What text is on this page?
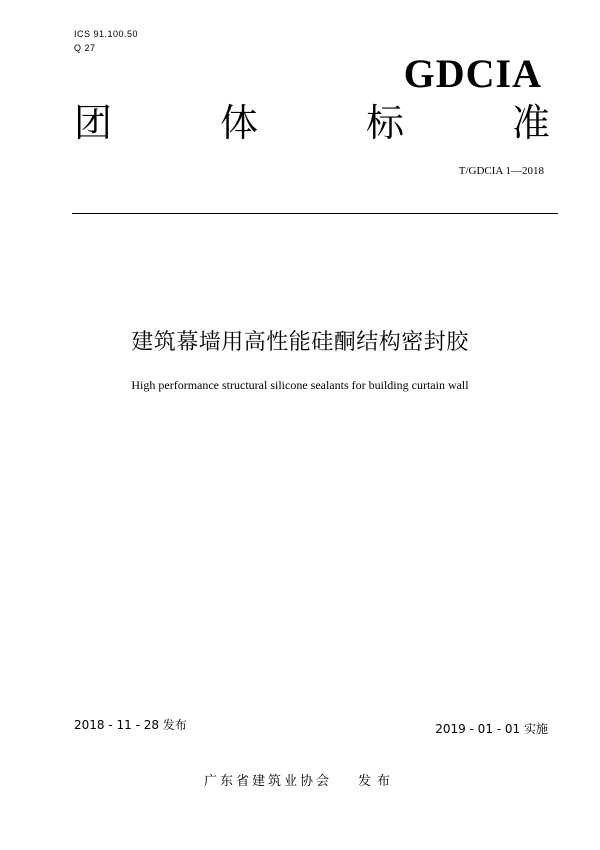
ICS 91.100.50
Q 27
GDCIA
团	体	标	准
T/GDCIA 1—2018
建筑幕墙用高性能硅酮结构密封胶
High performance structural silicone sealants for building curtain wall
2018 - 11 - 28 发布	2019 - 01 - 01 实施
广东省建筑业协会 发布
